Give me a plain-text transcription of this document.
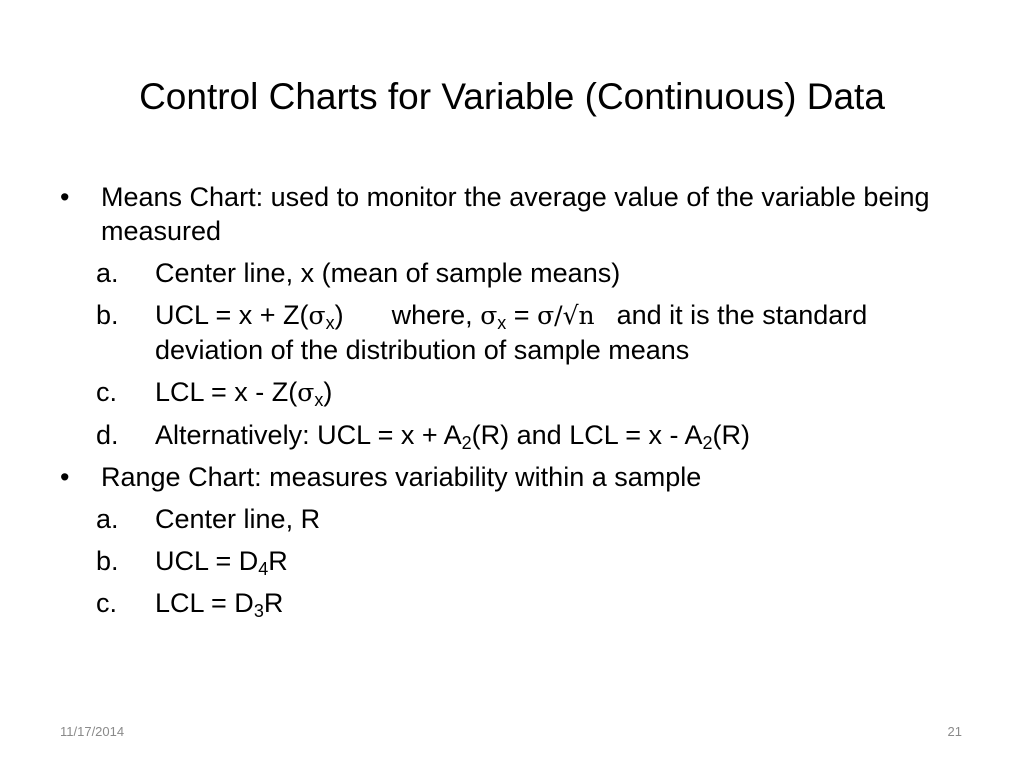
Control Charts for Variable (Continuous) Data
• Means Chart: used to monitor the average value of the variable being measured
a. Center line, x (mean of sample means)
b. UCL = $x + Z(\sigma_x)$ where, $\sigma_x = \sigma/√n$ and it is the standard deviation of the distribution of sample means
c. LCL = x - $Z(\sigma_x)$
d. Alternatively: UCL = $x + A_2(R)$ and LCL = x - $A_2(R)$
• Range Chart: measures variability within a sample
a. Center line, R
b. UCL = $D_4R$
c. LCL = $D_3R$
11/17/2014	21
